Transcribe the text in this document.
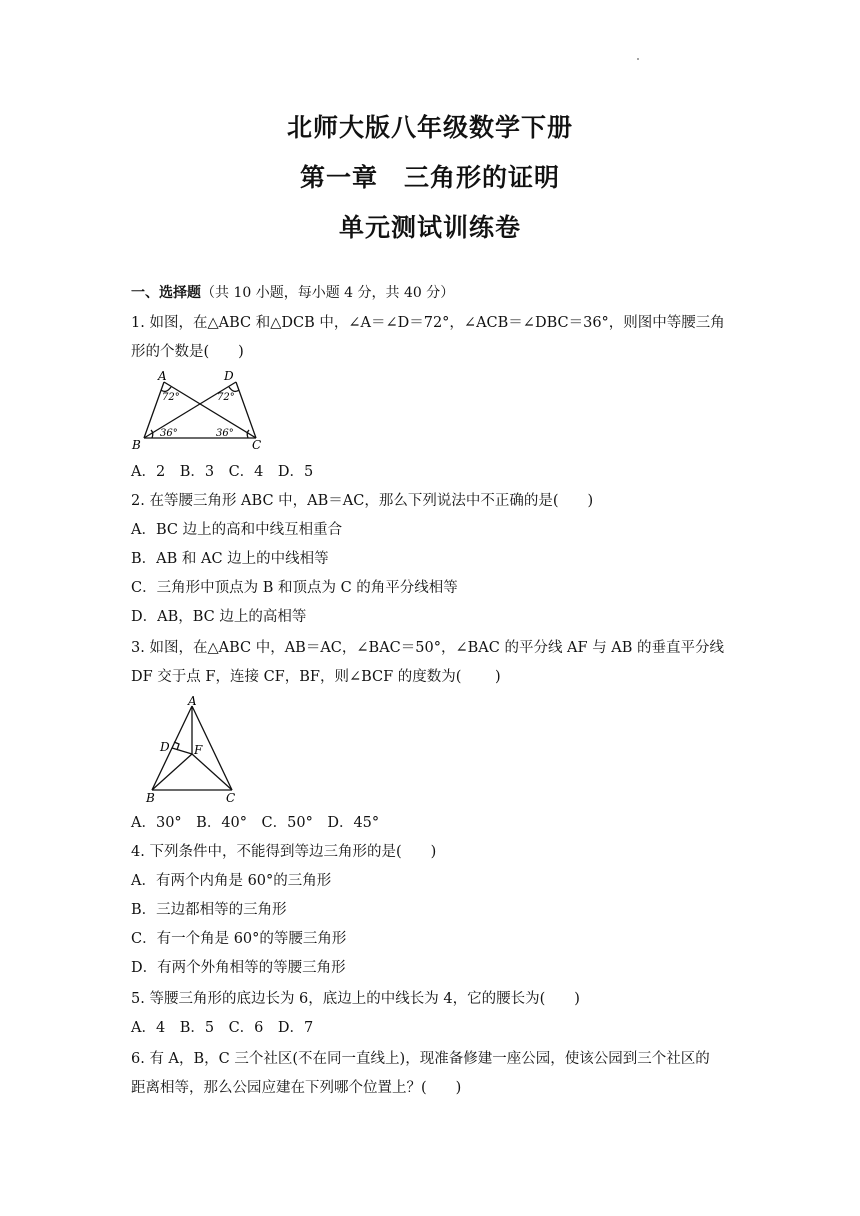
北师大版八年级数学下册
第一章　三角形的证明
单元测试训练卷
一、选择题（共 10 小题，每小题 4 分，共 40 分）
1. 如图，在△ABC 和△DCB 中，∠A＝∠D＝72°，∠ACB＝∠DBC＝36°，则图中等腰三角
形的个数是(　　)
A	D
B	C
72°	72°
36°	36°
A．2　B．3　C．4　D．5
2. 在等腰三角形 ABC 中，AB＝AC，那么下列说法中不正确的是(　　)
A．BC 边上的高和中线互相重合
B．AB 和 AC 边上的中线相等
C．三角形中顶点为 B 和顶点为 C 的角平分线相等
D．AB，BC 边上的高相等
3. 如图，在△ABC 中，AB＝AC，∠BAC＝50°，∠BAC 的平分线 AF 与 AB 的垂直平分线
DF 交于点 F，连接 CF，BF，则∠BCF 的度数为(　　 )
A
D F
B	C
A．30°　B．40°　C．50°　D．45°
4. 下列条件中，不能得到等边三角形的是(　　)
A．有两个内角是 60°的三角形
B．三边都相等的三角形
C．有一个角是 60°的等腰三角形
D．有两个外角相等的等腰三角形
5. 等腰三角形的底边长为 6，底边上的中线长为 4，它的腰长为(　　)
A．4　B．5　C．6　D．7
6. 有 A，B，C 三个社区(不在同一直线上)，现准备修建一座公园，使该公园到三个社区的
距离相等，那么公园应建在下列哪个位置上？(　　)
